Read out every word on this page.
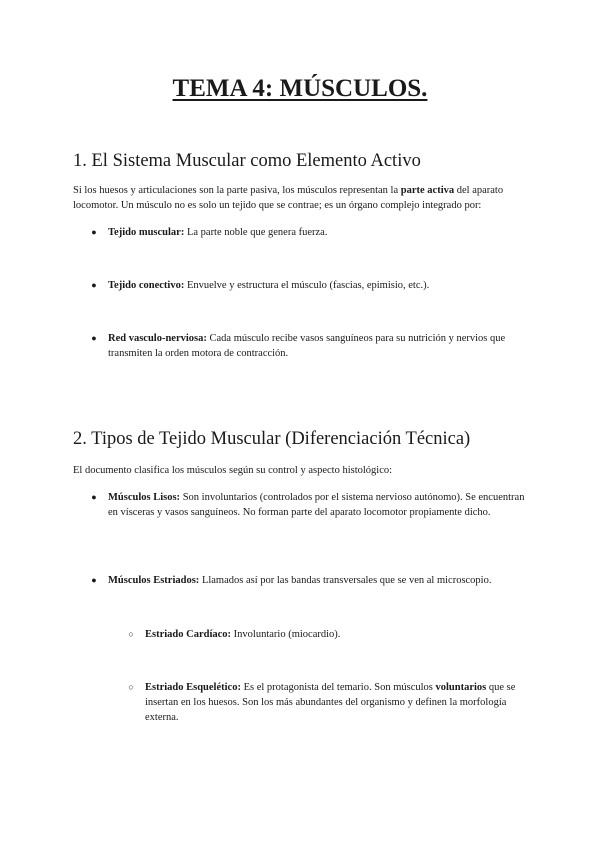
TEMA 4: MÚSCULOS.
1. El Sistema Muscular como Elemento Activo

Si los huesos y articulaciones son la parte pasiva, los músculos representan la parte activa del aparato locomotor. Un músculo no es solo un tejido que se contrae; es un órgano complejo integrado por:

●	Tejido muscular: La parte noble que genera fuerza.
●	Tejido conectivo: Envuelve y estructura el músculo (fascias, epimisio, etc.).
●	Red vasculo-nerviosa: Cada músculo recibe vasos sanguíneos para su nutrición y nervios que transmiten la orden motora de contracción.
2. Tipos de Tejido Muscular (Diferenciación Técnica)

El documento clasifica los músculos según su control y aspecto histológico:

●	Músculos Lisos: Son involuntarios (controlados por el sistema nervioso autónomo). Se encuentran en vísceras y vasos sanguíneos. No forman parte del aparato locomotor propiamente dicho.
●	Músculos Estriados: Llamados así por las bandas transversales que se ven al microscopio.
○	Estriado Cardíaco: Involuntario (miocardio).
○	Estriado Esquelético: Es el protagonista del temario. Son músculos voluntarios que se insertan en los huesos. Son los más abundantes del organismo y definen la morfología externa.
